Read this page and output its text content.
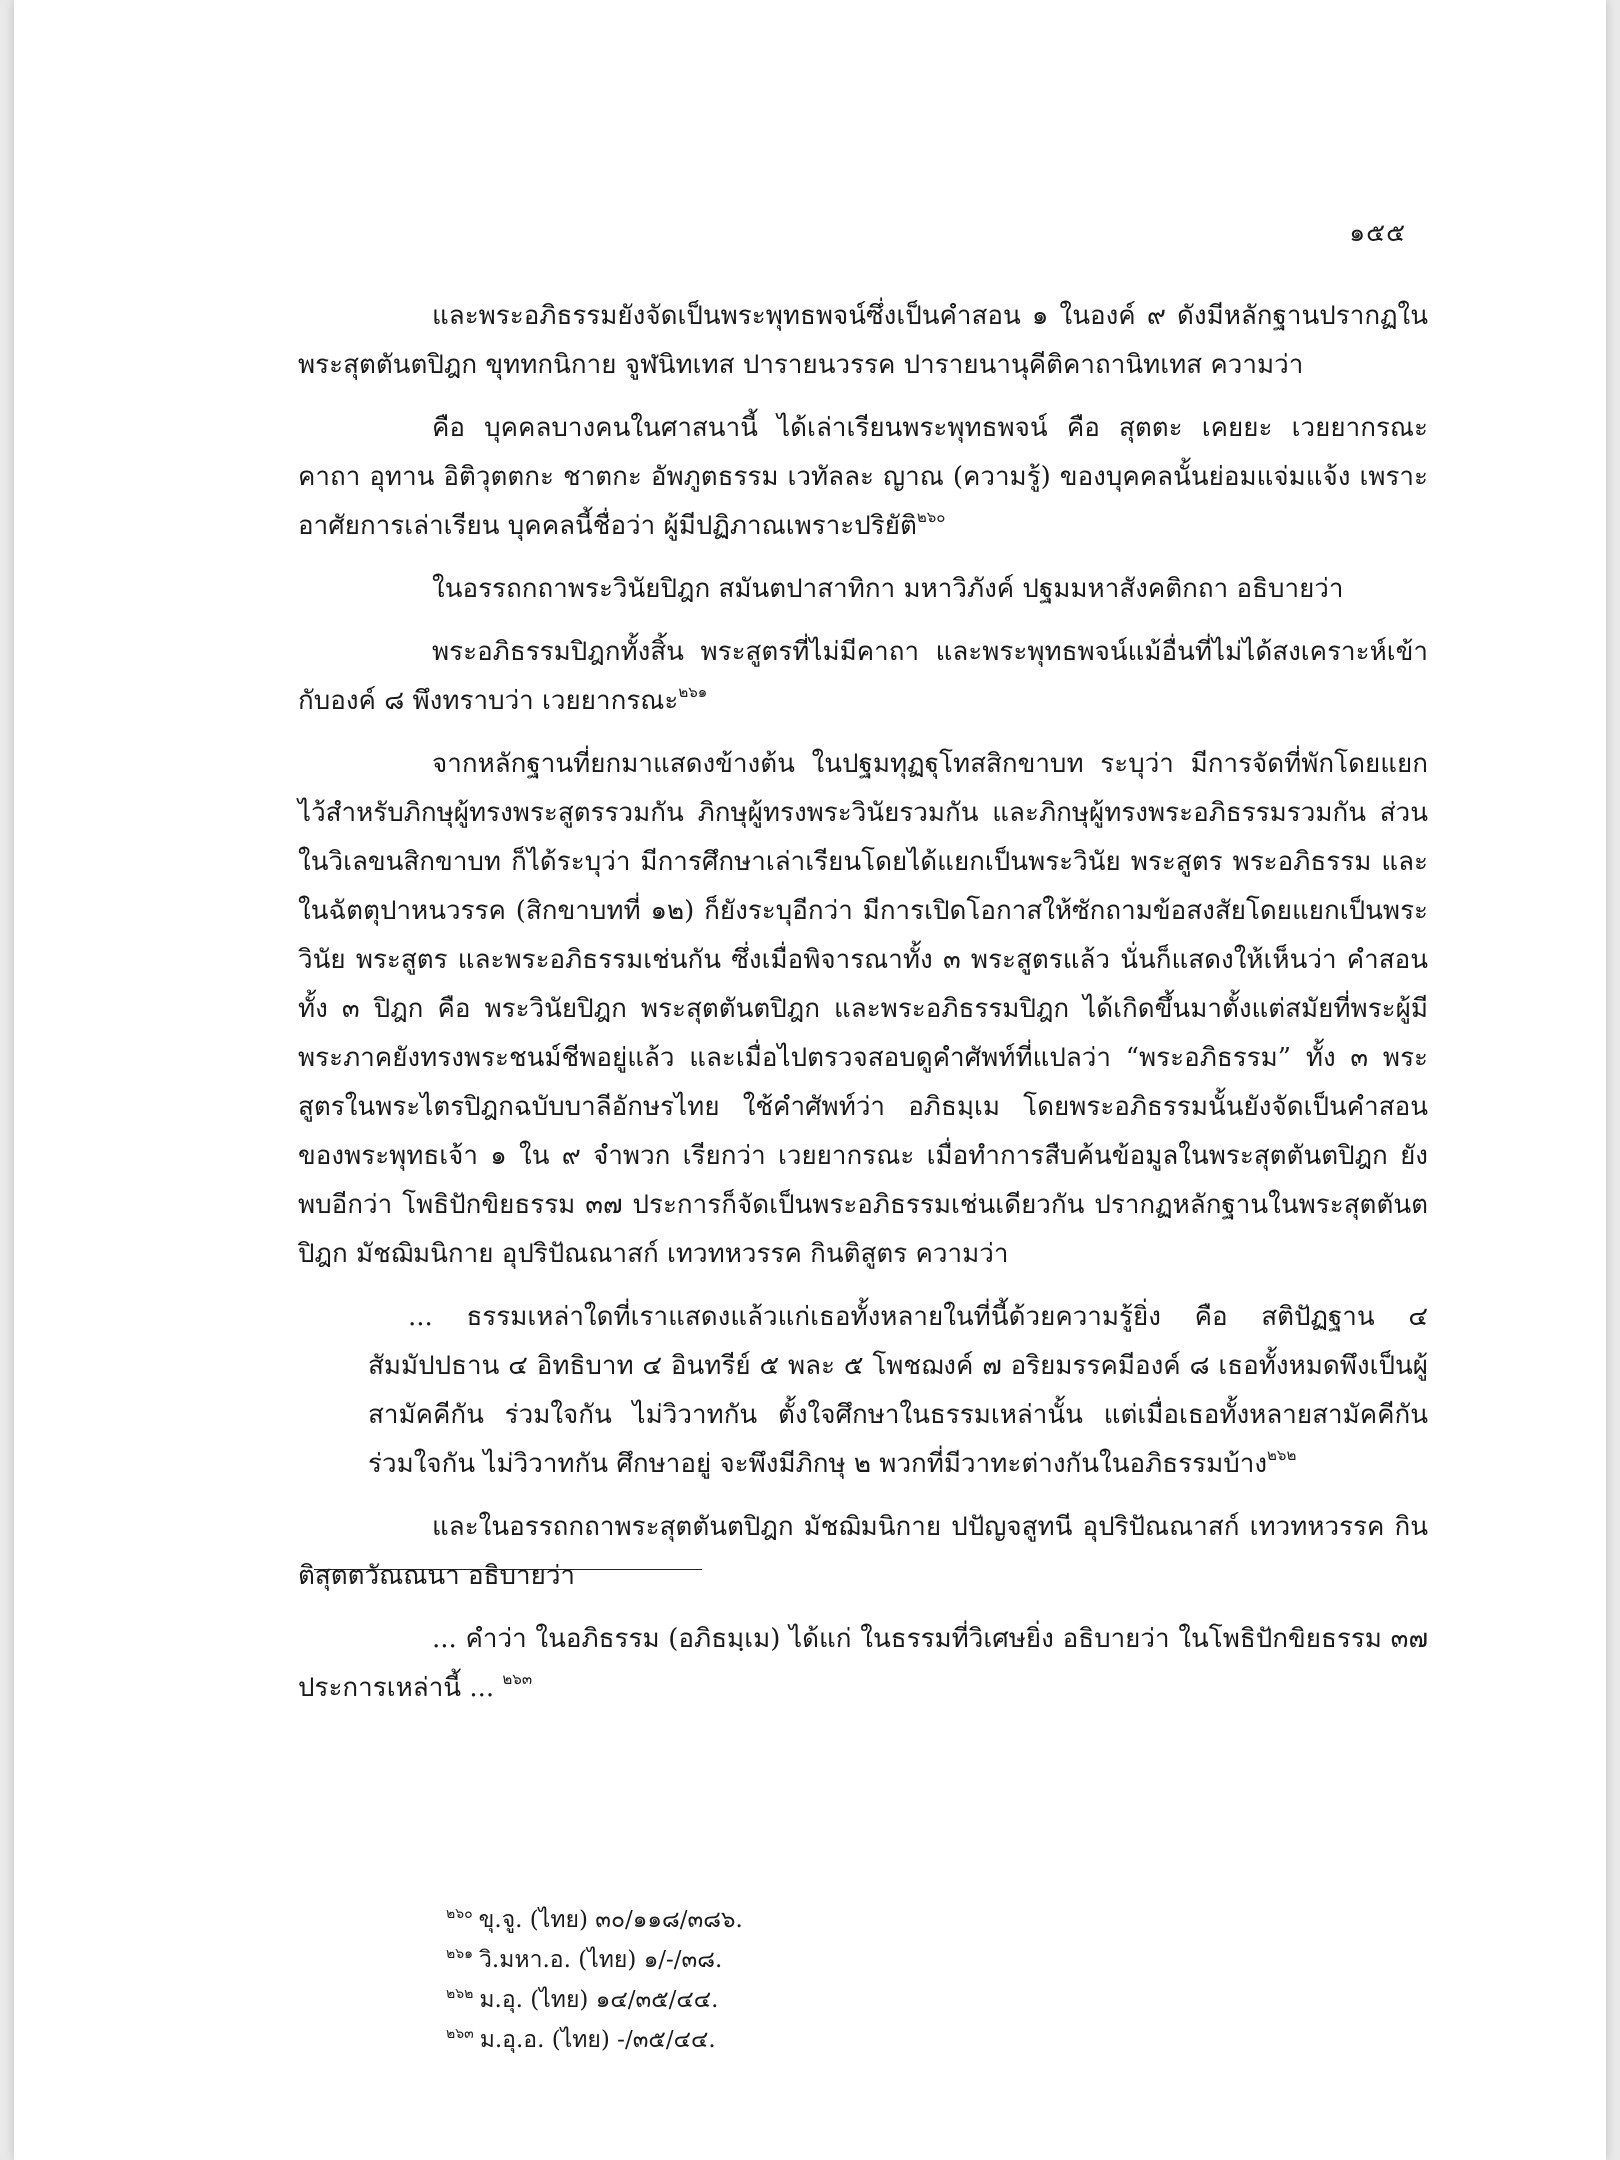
๑๕๕

และพระอภิธรรมยังจัดเป็นพระพุทธพจน์ซึ่งเป็นคำสอน ๑ ในองค์ ๙ ดังมีหลักฐานปรากฏในพระสุตตันตปิฎก ขุททกนิกาย จูฬนิทเทส ปารายนวรรค ปารายนานุคีติคาถานิทเทส ความว่า

คือ บุคคลบางคนในศาสนานี้ ได้เล่าเรียนพระพุทธพจน์ คือ สุตตะ เคยยะ เวยยากรณะ คาถา อุทาน อิติวุตตกะ ชาตกะ อัพภูตธรรม เวทัลละ ญาณ (ความรู้) ของบุคคลนั้นย่อมแจ่มแจ้ง เพราะอาศัยการเล่าเรียน บุคคลนี้ชื่อว่า ผู้มีปฏิภาณเพราะปริยัติ$^{๒๖๐}$

ในอรรถกถาพระวินัยปิฎก สมันตปาสาทิกา มหาวิภังค์ ปฐมมหาสังคติกถา อธิบายว่า

พระอภิธรรมปิฎกทั้งสิ้น พระสูตรที่ไม่มีคาถา และพระพุทธพจน์แม้อื่นที่ไม่ได้สงเคราะห์เข้ากับองค์ ๘ พึงทราบว่า เวยยากรณะ$^{๒๖๑}$

จากหลักฐานที่ยกมาแสดงข้างต้น ในปฐมทุฏฐุโทสสิกขาบท ระบุว่า มีการจัดที่พักโดยแยกไว้สำหรับภิกษุผู้ทรงพระสูตรรวมกัน ภิกษุผู้ทรงพระวินัยรวมกัน และภิกษุผู้ทรงพระอภิธรรมรวมกัน ส่วนในวิเลขนสิกขาบท ก็ได้ระบุว่า มีการศึกษาเล่าเรียนโดยได้แยกเป็นพระวินัย พระสูตร พระอภิธรรม และในฉัตตุปาหนวรรค (สิกขาบทที่ ๑๒) ก็ยังระบุอีกว่า มีการเปิดโอกาสให้ซักถามข้อสงสัยโดยแยกเป็นพระวินัย พระสูตร และพระอภิธรรมเช่นกัน ซึ่งเมื่อพิจารณาทั้ง ๓ พระสูตรแล้ว นั่นก็แสดงให้เห็นว่า คำสอนทั้ง ๓ ปิฎก คือ พระวินัยปิฎก พระสุตตันตปิฎก และพระอภิธรรมปิฎก ได้เกิดขึ้นมาตั้งแต่สมัยที่พระผู้มีพระภาคยังทรงพระชนม์ชีพอยู่แล้ว และเมื่อไปตรวจสอบดูคำศัพท์ที่แปลว่า “พระอภิธรรม” ทั้ง ๓ พระสูตรในพระไตรปิฎกฉบับบาลีอักษรไทย ใช้คำศัพท์ว่า อภิธมฺเม โดยพระอภิธรรมนั้นยังจัดเป็นคำสอนของพระพุทธเจ้า ๑ ใน ๙ จำพวก เรียกว่า เวยยากรณะ เมื่อทำการสืบค้นข้อมูลในพระสุตตันตปิฎก ยังพบอีกว่า โพธิปักขิยธรรม ๓๗ ประการก็จัดเป็นพระอภิธรรมเช่นเดียวกัน ปรากฏหลักฐานในพระสุตตันตปิฎก มัชฌิมนิกาย อุปริปัณณาสก์ เทวทหวรรค กินติสูตร ความว่า

... ธรรมเหล่าใดที่เราแสดงแล้วแก่เธอทั้งหลายในที่นี้ด้วยความรู้ยิ่ง คือ สติปัฏฐาน ๔ สัมมัปปธาน ๔ อิทธิบาท ๔ อินทรีย์ ๕ พละ ๕ โพชฌงค์ ๗ อริยมรรคมีองค์ ๘ เธอทั้งหมดพึงเป็นผู้สามัคคีกัน ร่วมใจกัน ไม่วิวาทกัน ตั้งใจศึกษาในธรรมเหล่านั้น แต่เมื่อเธอทั้งหลายสามัคคีกัน ร่วมใจกัน ไม่วิวาทกัน ศึกษาอยู่ จะพึงมีภิกษุ ๒ พวกที่มีวาทะต่างกันในอภิธรรมบ้าง$^{๒๖๒}$

และในอรรถกถาพระสุตตันตปิฎก มัชฌิมนิกาย ปปัญจสูทนี อุปริปัณณาสก์ เทวทหวรรค กินติสุตตวัณณนา อธิบายว่า

... คำว่า ในอภิธรรม (อภิธมฺเม) ได้แก่ ในธรรมที่วิเศษยิ่ง อธิบายว่า ในโพธิปักขิยธรรม ๓๗ ประการเหล่านี้ ... $^{๒๖๓}$

$^{๒๖๐}$ ขุ.จู. (ไทย) ๓๐/๑๑๘/๓๘๖.
$^{๒๖๑}$ วิ.มหา.อ. (ไทย) ๑/-/๓๘.
$^{๒๖๒}$ ม.อุ. (ไทย) ๑๔/๓๕/๔๔.
$^{๒๖๓}$ ม.อุ.อ. (ไทย) -/๓๕/๔๔.
